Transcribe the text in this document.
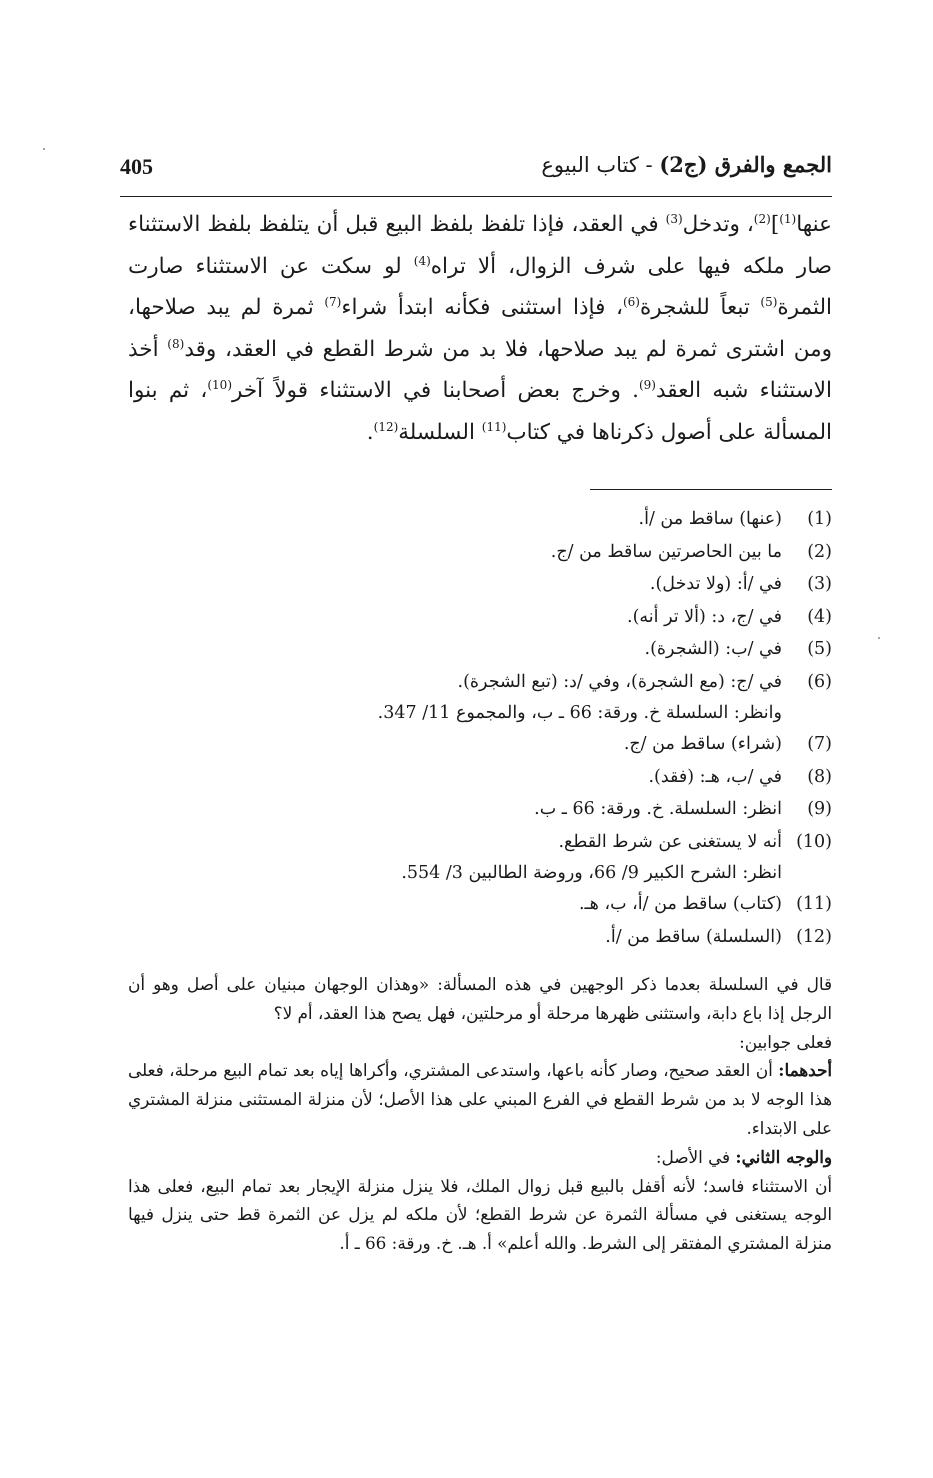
405	الجمع والفرق (ج2) - كتاب البيوع
عنها$^{(1)}$]$^{(2)}$، وتدخل$^{(3)}$ في العقد، فإذا تلفظ بلفظ البيع قبل أن يتلفظ بلفظ الاستثناء صار ملكه فيها على شرف الزوال، ألا تراه$^{(4)}$ لو سكت عن الاستثناء صارت الثمرة$^{(5)}$ تبعاً للشجرة$^{(6)}$، فإذا استثنى فكأنه ابتدأ شراء$^{(7)}$ ثمرة لم يبد صلاحها، ومن اشترى ثمرة لم يبد صلاحها، فلا بد من شرط القطع في العقد، وقد$^{(8)}$ أخذ الاستثناء شبه العقد$^{(9)}$. وخرج بعض أصحابنا في الاستثناء قولاً آخر$^{(10)}$، ثم بنوا المسألة على أصول ذكرناها في كتاب$^{(11)}$ السلسلة$^{(12)}$.
(1)
(عنها) ساقط من /أ.
(2)
ما بين الحاصرتين ساقط من /ج.
(3)
في /أ: (ولا تدخل).
(4)
في /ج، د: (ألا تر أنه).
(5)
في /ب: (الشجرة).
(6)
في /ج: (مع الشجرة)، وفي /د: (تبع الشجرة).
وانظر: السلسلة خ. ورقة: 66 ـ ب، والمجموع 11/ 347.
(7)
(شراء) ساقط من /ج.
(8)
في /ب، هـ: (فقد).
(9)
انظر: السلسلة. خ. ورقة: 66 ـ ب.
(10)
أنه لا يستغنى عن شرط القطع.
انظر: الشرح الكبير 9/ 66، وروضة الطالبين 3/ 554.
(11)
(كتاب) ساقط من /أ، ب، هـ.
(12)
(السلسلة) ساقط من /أ.

قال في السلسلة بعدما ذكر الوجهين في هذه المسألة: «وهذان الوجهان مبنيان على أصل وهو أن الرجل إذا باع دابة، واستثنى ظهرها مرحلة أو مرحلتين، فهل يصح هذا العقد، أم لا؟

فعلى جوابين:

أحدهما: أن العقد صحيح، وصار كأنه باعها، واستدعى المشتري، وأكراها إياه بعد تمام البيع مرحلة، فعلى هذا الوجه لا بد من شرط القطع في الفرع المبني على هذا الأصل؛ لأن منزلة المستثنى منزلة المشتري على الابتداء.

والوجه الثاني: في الأصل:

أن الاستثناء فاسد؛ لأنه أقفل بالبيع قبل زوال الملك، فلا ينزل منزلة الإيجار بعد تمام البيع، فعلى هذا الوجه يستغنى في مسألة الثمرة عن شرط القطع؛ لأن ملكه لم يزل عن الثمرة قط حتى ينزل فيها منزلة المشتري المفتقر إلى الشرط. والله أعلم» أ. هـ. خ. ورقة: 66 ـ أ.
